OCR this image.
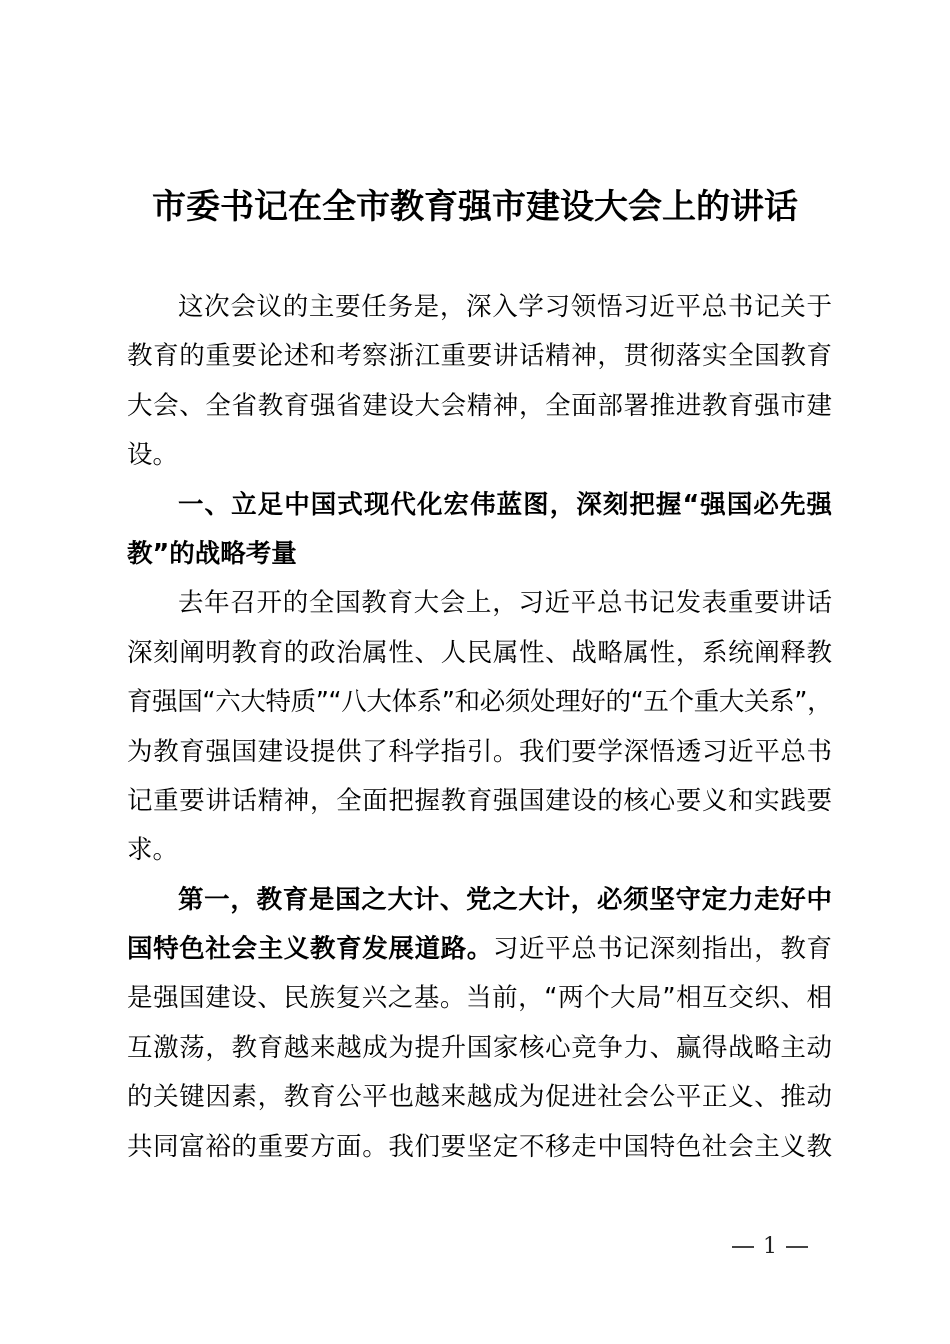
市委书记在全市教育强市建设大会上的讲话
这次会议的主要任务是，深入学习领悟习近平总书记关于
教育的重要论述和考察浙江重要讲话精神，贯彻落实全国教育
大会、全省教育强省建设大会精神，全面部署推进教育强市建
设。
一、立足中国式现代化宏伟蓝图，深刻把握“强国必先强
教”的战略考量
去年召开的全国教育大会上，习近平总书记发表重要讲话
深刻阐明教育的政治属性、人民属性、战略属性，系统阐释教
育强国“六大特质”“八大体系”和必须处理好的“五个重大关系”，
为教育强国建设提供了科学指引。我们要学深悟透习近平总书
记重要讲话精神，全面把握教育强国建设的核心要义和实践要
求。
第一，教育是国之大计、党之大计，必须坚守定力走好中
国特色社会主义教育发展道路。习近平总书记深刻指出，教育
是强国建设、民族复兴之基。当前，“两个大局”相互交织、相
互激荡，教育越来越成为提升国家核心竞争力、赢得战略主动
的关键因素，教育公平也越来越成为促进社会公平正义、推动
共同富裕的重要方面。我们要坚定不移走中国特色社会主义教
1
